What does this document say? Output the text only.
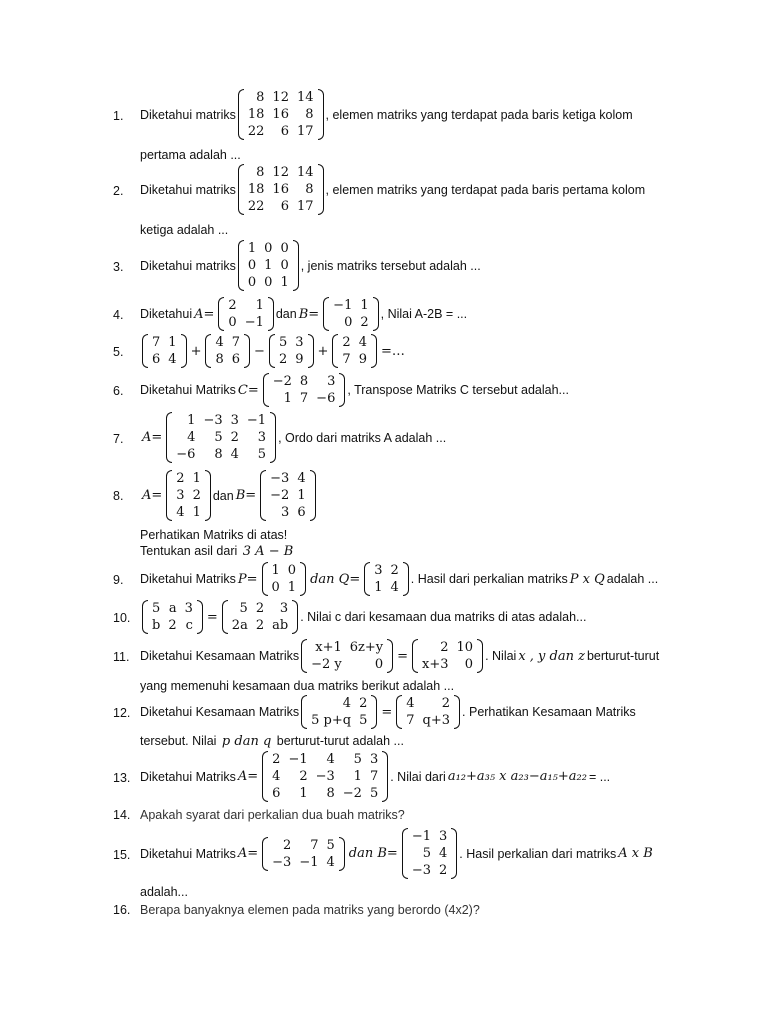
1.	Diketahui matriks
8	12	14
18	16	8
22	6	17
, elemen matriks yang terdapat pada baris ketiga kolom
pertama adalah ...
2.	Diketahui matriks
8	12	14
18	16	8
22	6	17
, elemen matriks yang terdapat pada baris pertama kolom
ketiga adalah ...
3.	Diketahui matriks
1	0	0
0	1	0
0	0	1
, jenis matriks tersebut adalah ...
4.	Diketahui A=
2	1
0	−1
dan B=
−1	1
0	2
, Nilai A-2B = ...
5.
7	1
6	4
+
4	7
8	6
−
5	3
2	9
+
2	4
7	9
=…
6.	Diketahui Matriks C=
−2	8	3
1	7	−6
, Transpose Matriks C tersebut adalah...
7.	A=
1	−3	3	−1
4	5	2	3
−6	8	4	5
, Ordo dari matriks A adalah ...
8.	A=
2	1
3	2
4	1
dan B=
−3	4
−2	1
3	6
Perhatikan Matriks di atas!
Tentukan asil dari 3 A − B
9.	Diketahui Matriks P=
1	0
0	1
dan Q=
3	2
1	4
. Hasil dari perkalian matriks P x Q adalah ...
10.
5	a	3
b	2	c
=
5	2	3
2a	2	ab
. Nilai c dari kesamaan dua matriks di atas adalah...
11. Diketahui Kesamaan Matriks
x+1	6z+y
−2 y	0
=
2	10
x+3	0
. Nilai x , y dan z berturut-turut
yang memenuhi kesamaan dua matriks berikut adalah ...
12. Diketahui Kesamaan Matriks
4	2
5 p+q	5
=
4	2
7	q+3
. Perhatikan Kesamaan Matriks
tersebut. Nilai p dan q berturut-turut adalah ...
13. Diketahui Matriks A=
2	−1	4	5	3
4	2	−3	1	7
6	1	8	−2	5
. Nilai dari a₁₂+a₃₅ x a₂₃−a₁₅+a₂₂ = ...
14. Apakah syarat dari perkalian dua buah matriks?
15. Diketahui Matriks A=
2	7	5
−3	−1	4
dan B=
−1	3
5	4
−3	2
. Hasil perkalian dari matriks A x B
adalah...
16. Berapa banyaknya elemen pada matriks yang berordo (4x2)?
